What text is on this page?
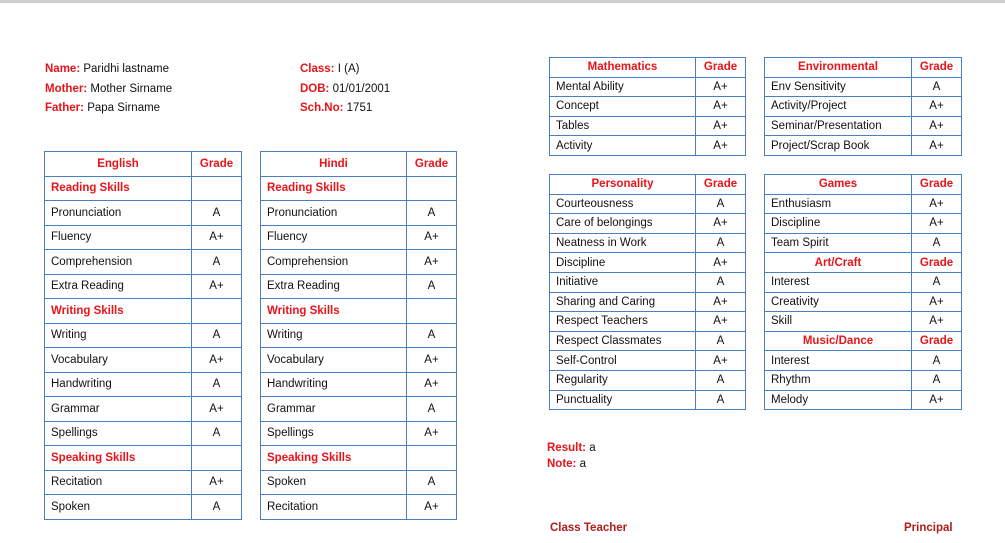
Name: Paridhi lastname
Mother: Mother Sirname
Father: Papa Sirname
Class: I (A)
DOB: 01/01/2001
Sch.No: 1751
English	Grade
Reading Skills	
Pronunciation	A
Fluency	A+
Comprehension	A
Extra Reading	A+
Writing Skills	
Writing	A
Vocabulary	A+
Handwriting	A
Grammar	A+
Spellings	A
Speaking Skills	
Recitation	A+
Spoken	A
Hindi	Grade
Reading Skills	
Pronunciation	A
Fluency	A+
Comprehension	A+
Extra Reading	A
Writing Skills	
Writing	A
Vocabulary	A+
Handwriting	A+
Grammar	A
Spellings	A+
Speaking Skills	
Spoken	A
Recitation	A+
Mathematics	Grade
Mental Ability	A+
Concept	A+
Tables	A+
Activity	A+
Environmental	Grade
Env Sensitivity	A
Activity/Project	A+
Seminar/Presentation	A+
Project/Scrap Book	A+
Personality	Grade
Courteousness	A
Care of belongings	A+
Neatness in Work	A
Discipline	A+
Initiative	A
Sharing and Caring	A+
Respect Teachers	A+
Respect Classmates	A
Self-Control	A+
Regularity	A
Punctuality	A
Games	Grade
Enthusiasm	A+
Discipline	A+
Team Spirit	A
Art/Craft	Grade
Interest	A
Creativity	A+
Skill	A+
Music/Dance	Grade
Interest	A
Rhythm	A
Melody	A+
Result: a
Note: a
Class Teacher	Principal
